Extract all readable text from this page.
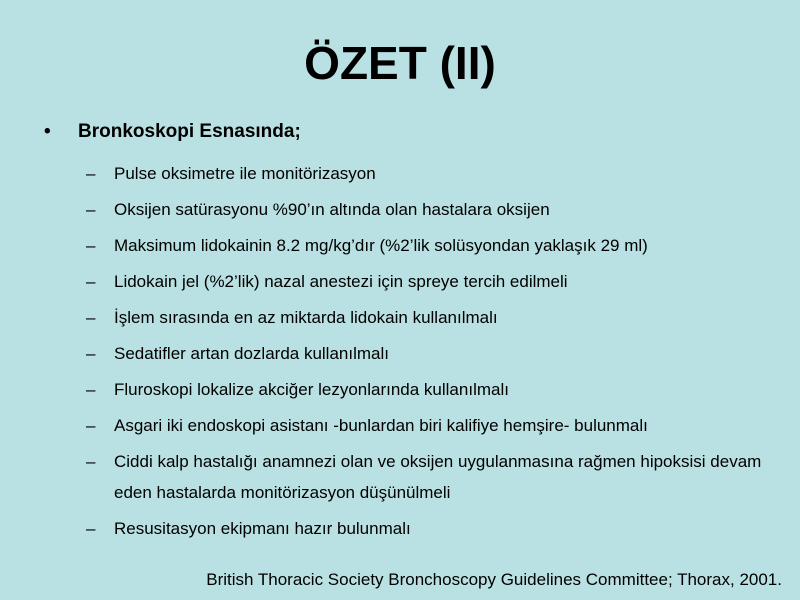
ÖZET (II)
•	Bronkoskopi Esnasında;
–	Pulse oksimetre ile monitörizasyon
–	Oksijen satürasyonu %90’ın altında olan hastalara oksijen
–	Maksimum lidokainin 8.2 mg/kg’dır (%2’lik solüsyondan yaklaşık 29 ml)
–	Lidokain jel (%2’lik) nazal anestezi için spreye tercih edilmeli
–	İşlem sırasında en az miktarda lidokain kullanılmalı
–	Sedatifler artan dozlarda kullanılmalı
–	Fluroskopi lokalize akciğer lezyonlarında kullanılmalı
–	Asgari iki endoskopi asistanı -bunlardan biri kalifiye hemşire- bulunmalı
–	Ciddi kalp hastalığı anamnezi olan ve oksijen uygulanmasına rağmen hipoksisi devam eden hastalarda monitörizasyon düşünülmeli
–	Resusitasyon ekipmanı hazır bulunmalı
British Thoracic Society Bronchoscopy Guidelines Committee; Thorax, 2001.
